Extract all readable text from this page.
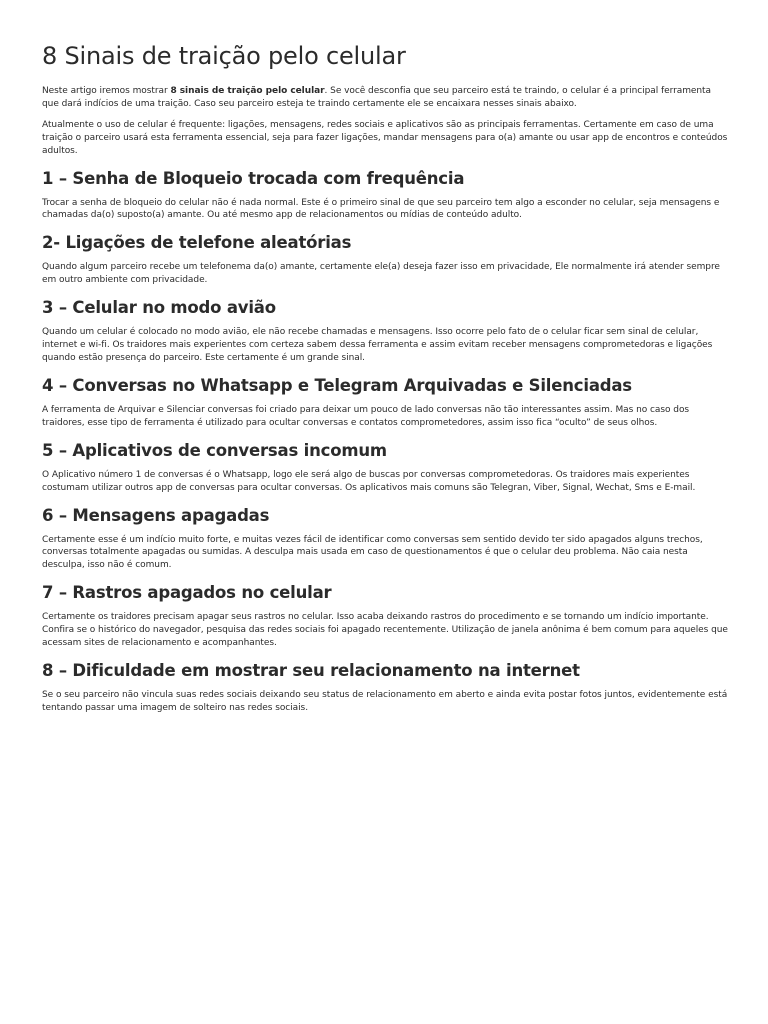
8 Sinais de traição pelo celular

Neste artigo iremos mostrar 8 sinais de traição pelo celular. Se você desconfia que seu parceiro está te traindo, o celular é a principal ferramenta que dará indícios de uma traição. Caso seu parceiro esteja te traindo certamente ele se encaixara nesses sinais abaixo.

Atualmente o uso de celular é frequente: ligações, mensagens, redes sociais e aplicativos são as principais ferramentas. Certamente em caso de uma traição o parceiro usará esta ferramenta essencial, seja para fazer ligações, mandar mensagens para o(a) amante ou usar app de encontros e conteúdos adultos.

1 – Senha de Bloqueio trocada com frequência

Trocar a senha de bloqueio do celular não é nada normal. Este é o primeiro sinal de que seu parceiro tem algo a esconder no celular, seja mensagens e chamadas da(o) suposto(a) amante. Ou até mesmo app de relacionamentos ou mídias de conteúdo adulto.

2- Ligações de telefone aleatórias

Quando algum parceiro recebe um telefonema da(o) amante, certamente ele(a) deseja fazer isso em privacidade, Ele normalmente irá atender sempre em outro ambiente com privacidade.

3 – Celular no modo avião

Quando um celular é colocado no modo avião, ele não recebe chamadas e mensagens. Isso ocorre pelo fato de o celular ficar sem sinal de celular, internet e wi-fi. Os traidores mais experientes com certeza sabem dessa ferramenta e assim evitam receber mensagens comprometedoras e ligações quando estão presença do parceiro. Este certamente é um grande sinal.

4 – Conversas no Whatsapp e Telegram Arquivadas e Silenciadas

A ferramenta de Arquivar e Silenciar conversas foi criado para deixar um pouco de lado conversas não tão interessantes assim. Mas no caso dos traidores, esse tipo de ferramenta é utilizado para ocultar conversas e contatos comprometedores, assim isso fica “oculto” de seus olhos.

5 – Aplicativos de conversas incomum

O Aplicativo número 1 de conversas é o Whatsapp, logo ele será algo de buscas por conversas comprometedoras. Os traidores mais experientes costumam utilizar outros app de conversas para ocultar conversas. Os aplicativos mais comuns são Telegran, Viber, Signal, Wechat, Sms e E-mail.

6 – Mensagens apagadas

Certamente esse é um indício muito forte, e muitas vezes fácil de identificar como conversas sem sentido devido ter sido apagados alguns trechos, conversas totalmente apagadas ou sumidas. A desculpa mais usada em caso de questionamentos é que o celular deu problema. Não caia nesta desculpa, isso não é comum.

7 – Rastros apagados no celular

Certamente os traidores precisam apagar seus rastros no celular. Isso acaba deixando rastros do procedimento e se tornando um indício importante. Confira se o histórico do navegador, pesquisa das redes sociais foi apagado recentemente. Utilização de janela anônima é bem comum para aqueles que acessam sites de relacionamento e acompanhantes.

8 – Dificuldade em mostrar seu relacionamento na internet

Se o seu parceiro não vincula suas redes sociais deixando seu status de relacionamento em aberto e ainda evita postar fotos juntos, evidentemente está tentando passar uma imagem de solteiro nas redes sociais.
